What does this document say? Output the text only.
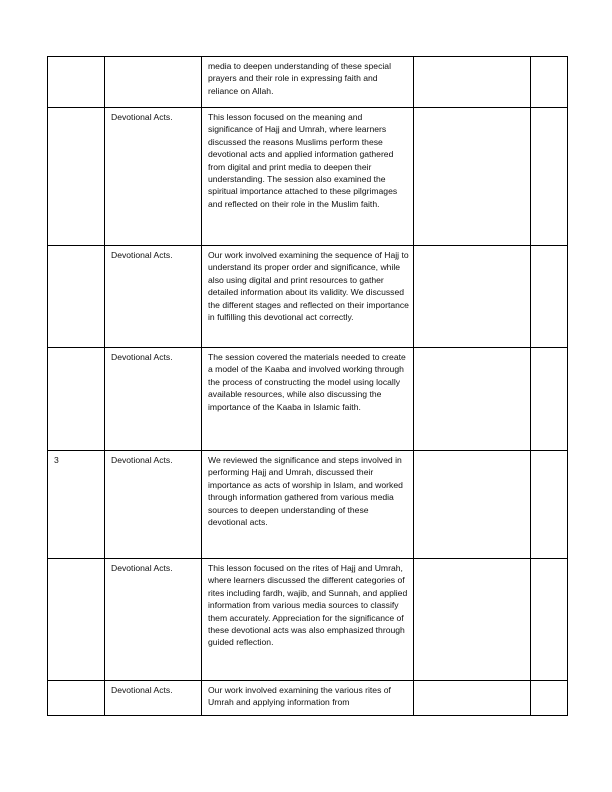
		media to deepen understanding of these special prayers and their role in expressing faith and reliance on Allah.		
	Devotional Acts.	This lesson focused on the meaning and significance of Hajj and Umrah, where learners discussed the reasons Muslims perform these devotional acts and applied information gathered from digital and print media to deepen their understanding. The session also examined the spiritual importance attached to these pilgrimages and reflected on their role in the Muslim faith.		
	Devotional Acts.	Our work involved examining the sequence of Hajj to understand its proper order and significance, while also using digital and print resources to gather detailed information about its validity. We discussed the different stages and reflected on their importance in fulfilling this devotional act correctly.		
	Devotional Acts.	The session covered the materials needed to create a model of the Kaaba and involved working through the process of constructing the model using locally available resources, while also discussing the importance of the Kaaba in Islamic faith.		
3	Devotional Acts.	We reviewed the significance and steps involved in performing Hajj and Umrah, discussed their importance as acts of worship in Islam, and worked through information gathered from various media sources to deepen understanding of these devotional acts.		
	Devotional Acts.	This lesson focused on the rites of Hajj and Umrah, where learners discussed the different categories of rites including fardh, wajib, and Sunnah, and applied information from various media sources to classify them accurately. Appreciation for the significance of these devotional acts was also emphasized through guided reflection.		
	Devotional Acts.	Our work involved examining the various rites of Umrah and applying information from		
